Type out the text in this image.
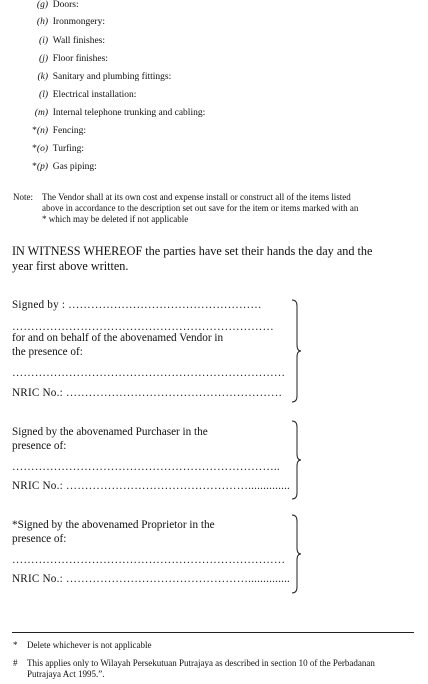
(g) Doors:
(h) Ironmongery:
(i) Wall finishes:
(j) Floor finishes:
(k) Sanitary and plumbing fittings:
(l) Electrical installation:
(m) Internal telephone trunking and cabling:
*(n) Fencing:
*(o) Turfing:
*(p) Gas piping:
Note: The Vendor shall at its own cost and expense install or construct all of the items listed
above in accordance to the description set out save for the item or items marked with an
* which may be deleted if not applicable
IN WITNESS WHEREOF the parties have set their hands the day and the
year first above written.
Signed by : ……………………………………………
……………………………………………………………
for and on behalf of the abovenamed Vendor in
the presence of:
………………………………………………………………
NRIC No.: …………………………………………………
Signed by the abovenamed Purchaser in the
presence of:
……………………………………………………………..
NRIC No.: …………………………………………..............
*Signed by the abovenamed Proprietor in the
presence of:
………………………………………………………………
NRIC No.: …………………………………………..............
* Delete whichever is not applicable
# This applies only to Wilayah Persekutuan Putrajaya as described in section 10 of the Perbadanan
Putrajaya Act 1995.”.
